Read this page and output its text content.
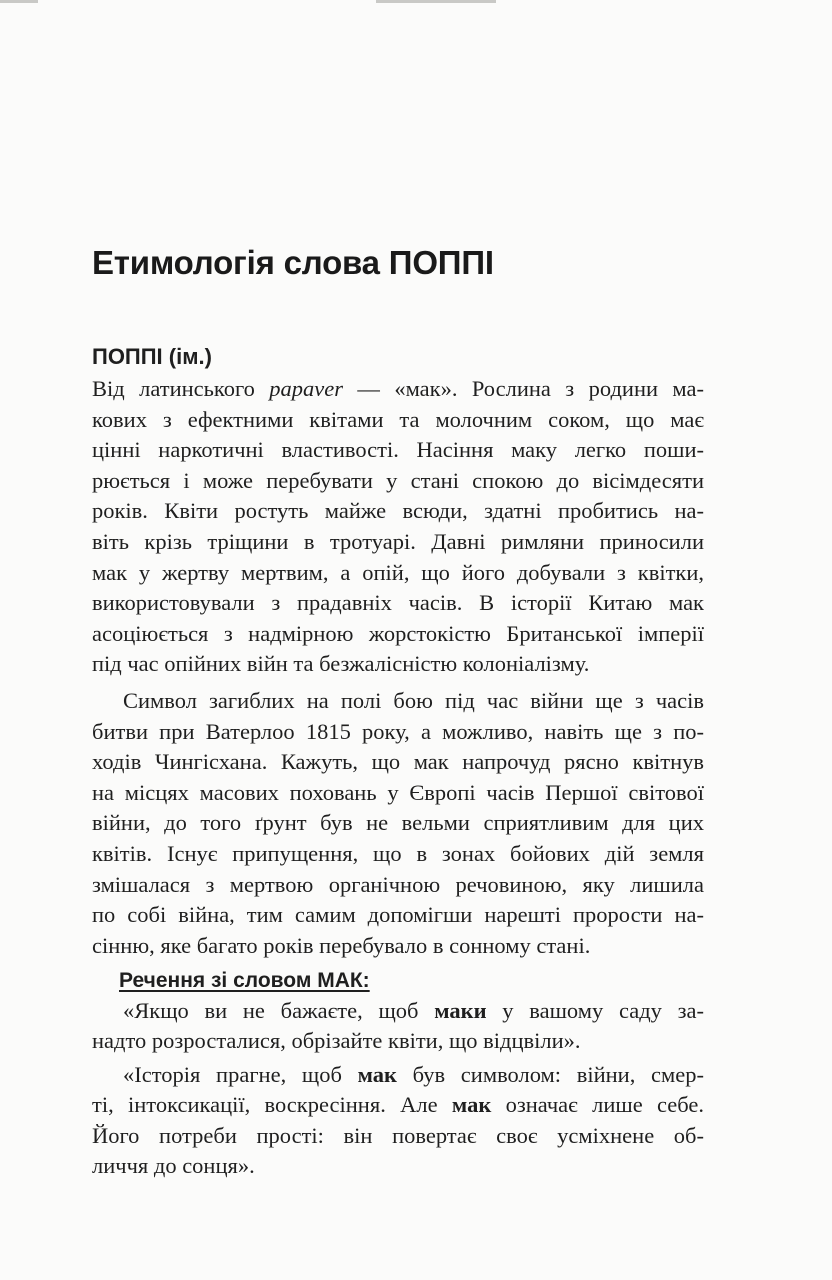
Етимологія слова ПОППІ
ПОППІ (ім.)
Від латинського papaver — «мак». Рослина з родини ма-
кових з ефектними квітами та молочним соком, що має
цінні наркотичні властивості. Насіння маку легко поши-
рюється і може перебувати у стані спокою до вісімдесяти
років. Квіти ростуть майже всюди, здатні пробитись на-
віть крізь тріщини в тротуарі. Давні римляни приносили
мак у жертву мертвим, а опій, що його добували з квітки,
використовували з прадавніх часів. В історії Китаю мак
асоціюється з надмірною жорстокістю Британської імперії
під час опійних війн та безжалісністю колоніалізму.
Символ загиблих на полі бою під час війни ще з часів
битви при Ватерлоо 1815 року, а можливо, навіть ще з по-
ходів Чингісхана. Кажуть, що мак напрочуд рясно квітнув
на місцях масових поховань у Європі часів Першої світової
війни, до того ґрунт був не вельми сприятливим для цих
квітів. Існує припущення, що в зонах бойових дій земля
змішалася з мертвою органічною речовиною, яку лишила
по собі війна, тим самим допомігши нарешті прорости на-
сінню, яке багато років перебувало в сонному стані.
Речення зі словом МАК:
«Якщо ви не бажаєте, щоб маки у вашому саду за-
надто розросталися, обрізайте квіти, що відцвіли».
«Історія прагне, щоб мак був символом: війни, смер-
ті, інтоксикації, воскресіння. Але мак означає лише себе.
Його потреби прості: він повертає своє усміхнене об-
личчя до сонця».
